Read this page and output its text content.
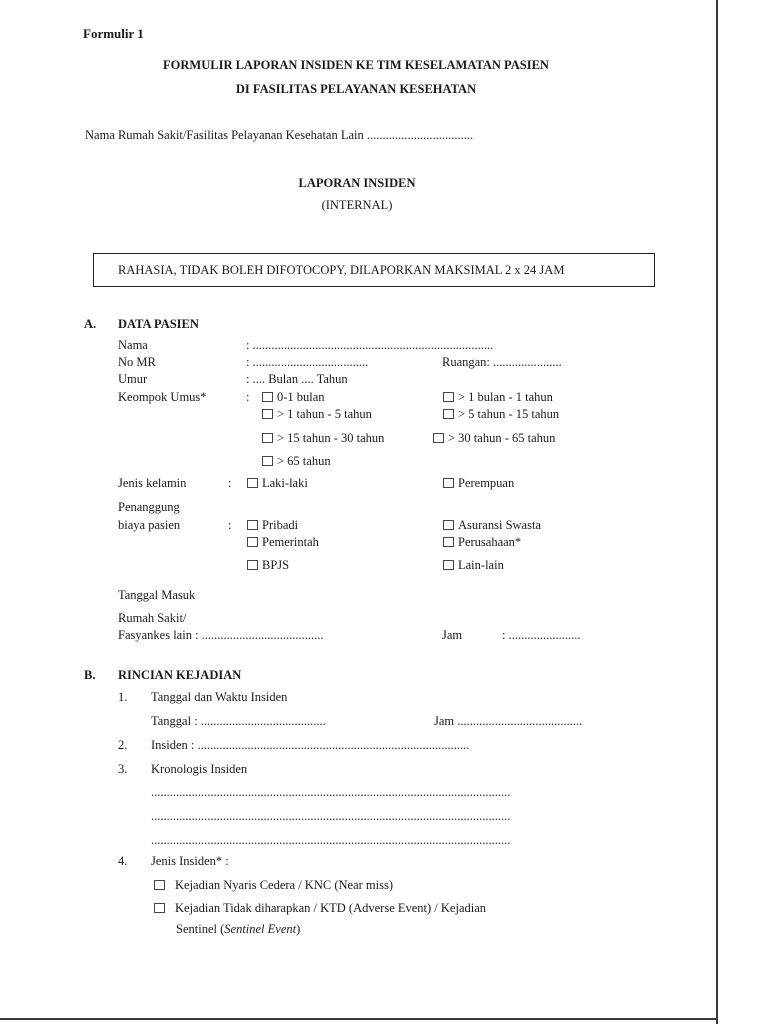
Formulir 1
FORMULIR LAPORAN INSIDEN KE TIM KESELAMATAN PASIEN
DI FASILITAS PELAYANAN KESEHATAN
Nama Rumah Sakit/Fasilitas Pelayanan Kesehatan Lain ..................................
LAPORAN INSIDEN
(INTERNAL)
RAHASIA, TIDAK BOLEH DIFOTOCOPY, DILAPORKAN MAKSIMAL 2 x 24 JAM
A. DATA PASIEN
Nama	: .............................................................................
No MR	: .....................................	Ruangan: ......................
Umur	: .... Bulan .... Tahun
Keompok Umus*	:	0-1 bulan	> 1 bulan - 1 tahun
> 1 tahun - 5 tahun	> 5 tahun - 15 tahun
> 15 tahun - 30 tahun	> 30 tahun - 65 tahun
> 65 tahun
Jenis kelamin	:	Laki-laki	Perempuan
Penanggung
biaya pasien	:	Pribadi	Asuransi Swasta
Pemerintah	Perusahaan*
BPJS	Lain-lain
Tanggal Masuk
Rumah Sakit/
Fasyankes lain : .......................................	Jam	: .......................
B. RINCIAN KEJADIAN
1. Tanggal dan Waktu Insiden
Tanggal : ........................................	Jam ........................................
2. Insiden : .......................................................................................
3. Kronologis Insiden
...................................................................................................................
...................................................................................................................
...................................................................................................................
4. Jenis Insiden* :
Kejadian Nyaris Cedera / KNC (Near miss)
Kejadian Tidak diharapkan / KTD (Adverse Event) / Kejadian
Sentinel (Sentinel Event)
